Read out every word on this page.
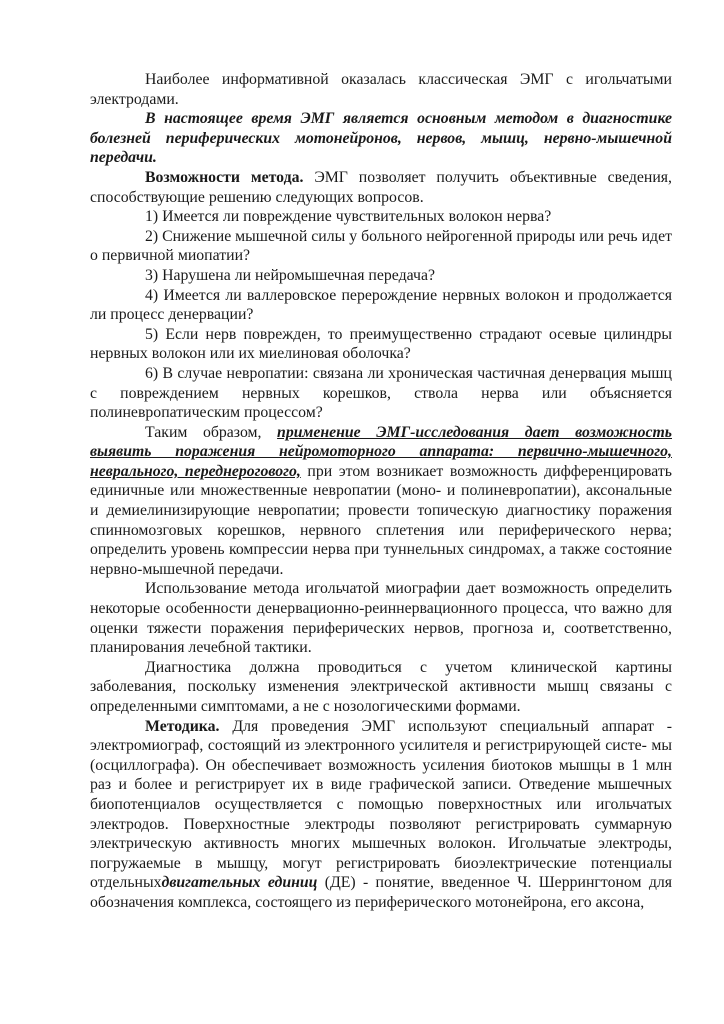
Наиболее информативной оказалась классическая ЭМГ с игольчатыми электродами.

В настоящее время ЭМГ является основным методом в диагностике болезней периферических мотонейронов, нервов, мышц, нервно-мышечной передачи.

Возможности метода. ЭМГ позволяет получить объективные сведения, способствующие решению следующих вопросов.

1) Имеется ли повреждение чувствительных волокон нерва?

2) Снижение мышечной силы у больного нейрогенной природы или речь идет о первичной миопатии?

3) Нарушена ли нейромышечная передача?

4) Имеется ли валлеровское перерождение нервных волокон и продолжается ли процесс денервации?

5) Если нерв поврежден, то преимущественно страдают осевые цилиндры нервных волокон или их миелиновая оболочка?

6) В случае невропатии: связана ли хроническая частичная денервация мышц с повреждением нервных корешков, ствола нерва или объясняется полиневропатическим процессом?

Таким образом, применение ЭМГ-исследования дает возможность выявить поражения нейромоторного аппарата: первично-мышечного, неврального, переднерогового, при этом возникает возможность дифференцировать единичные или множественные невропатии (моно- и полиневропатии), аксональные и демиелинизирующие невропатии; провести топическую диагностику поражения спинномозговых корешков, нервного сплетения или периферического нерва; определить уровень компрессии нерва при туннельных синдромах, а также состояние нервно-мышечной передачи.

Использование метода игольчатой миографии дает возможность определить некоторые особенности денервационно-реиннервационного процесса, что важно для оценки тяжести поражения периферических нервов, прогноза и, соответственно, планирования лечебной тактики.

Диагностика должна проводиться с учетом клинической картины заболевания, поскольку изменения электрической активности мышц связаны с определенными симптомами, а не с нозологическими формами.

Методика. Для проведения ЭМГ используют специальный аппарат - электромиограф, состоящий из электронного усилителя и регистрирующей систе- мы (осциллографа). Он обеспечивает возможность усиления биотоков мышцы в 1 млн раз и более и регистрирует их в виде графической записи. Отведение мышечных биопотенциалов осуществляется с помощью поверхностных или игольчатых электродов. Поверхностные электроды позволяют регистрировать суммарную электрическую активность многих мышечных волокон. Игольчатые электроды, погружаемые в мышцу, могут регистрировать биоэлектрические потенциалы отдельныхдвигательных единиц (ДЕ) - понятие, введенное Ч. Шеррингтоном для обозначения комплекса, состоящего из периферического мотонейрона, его аксона,
